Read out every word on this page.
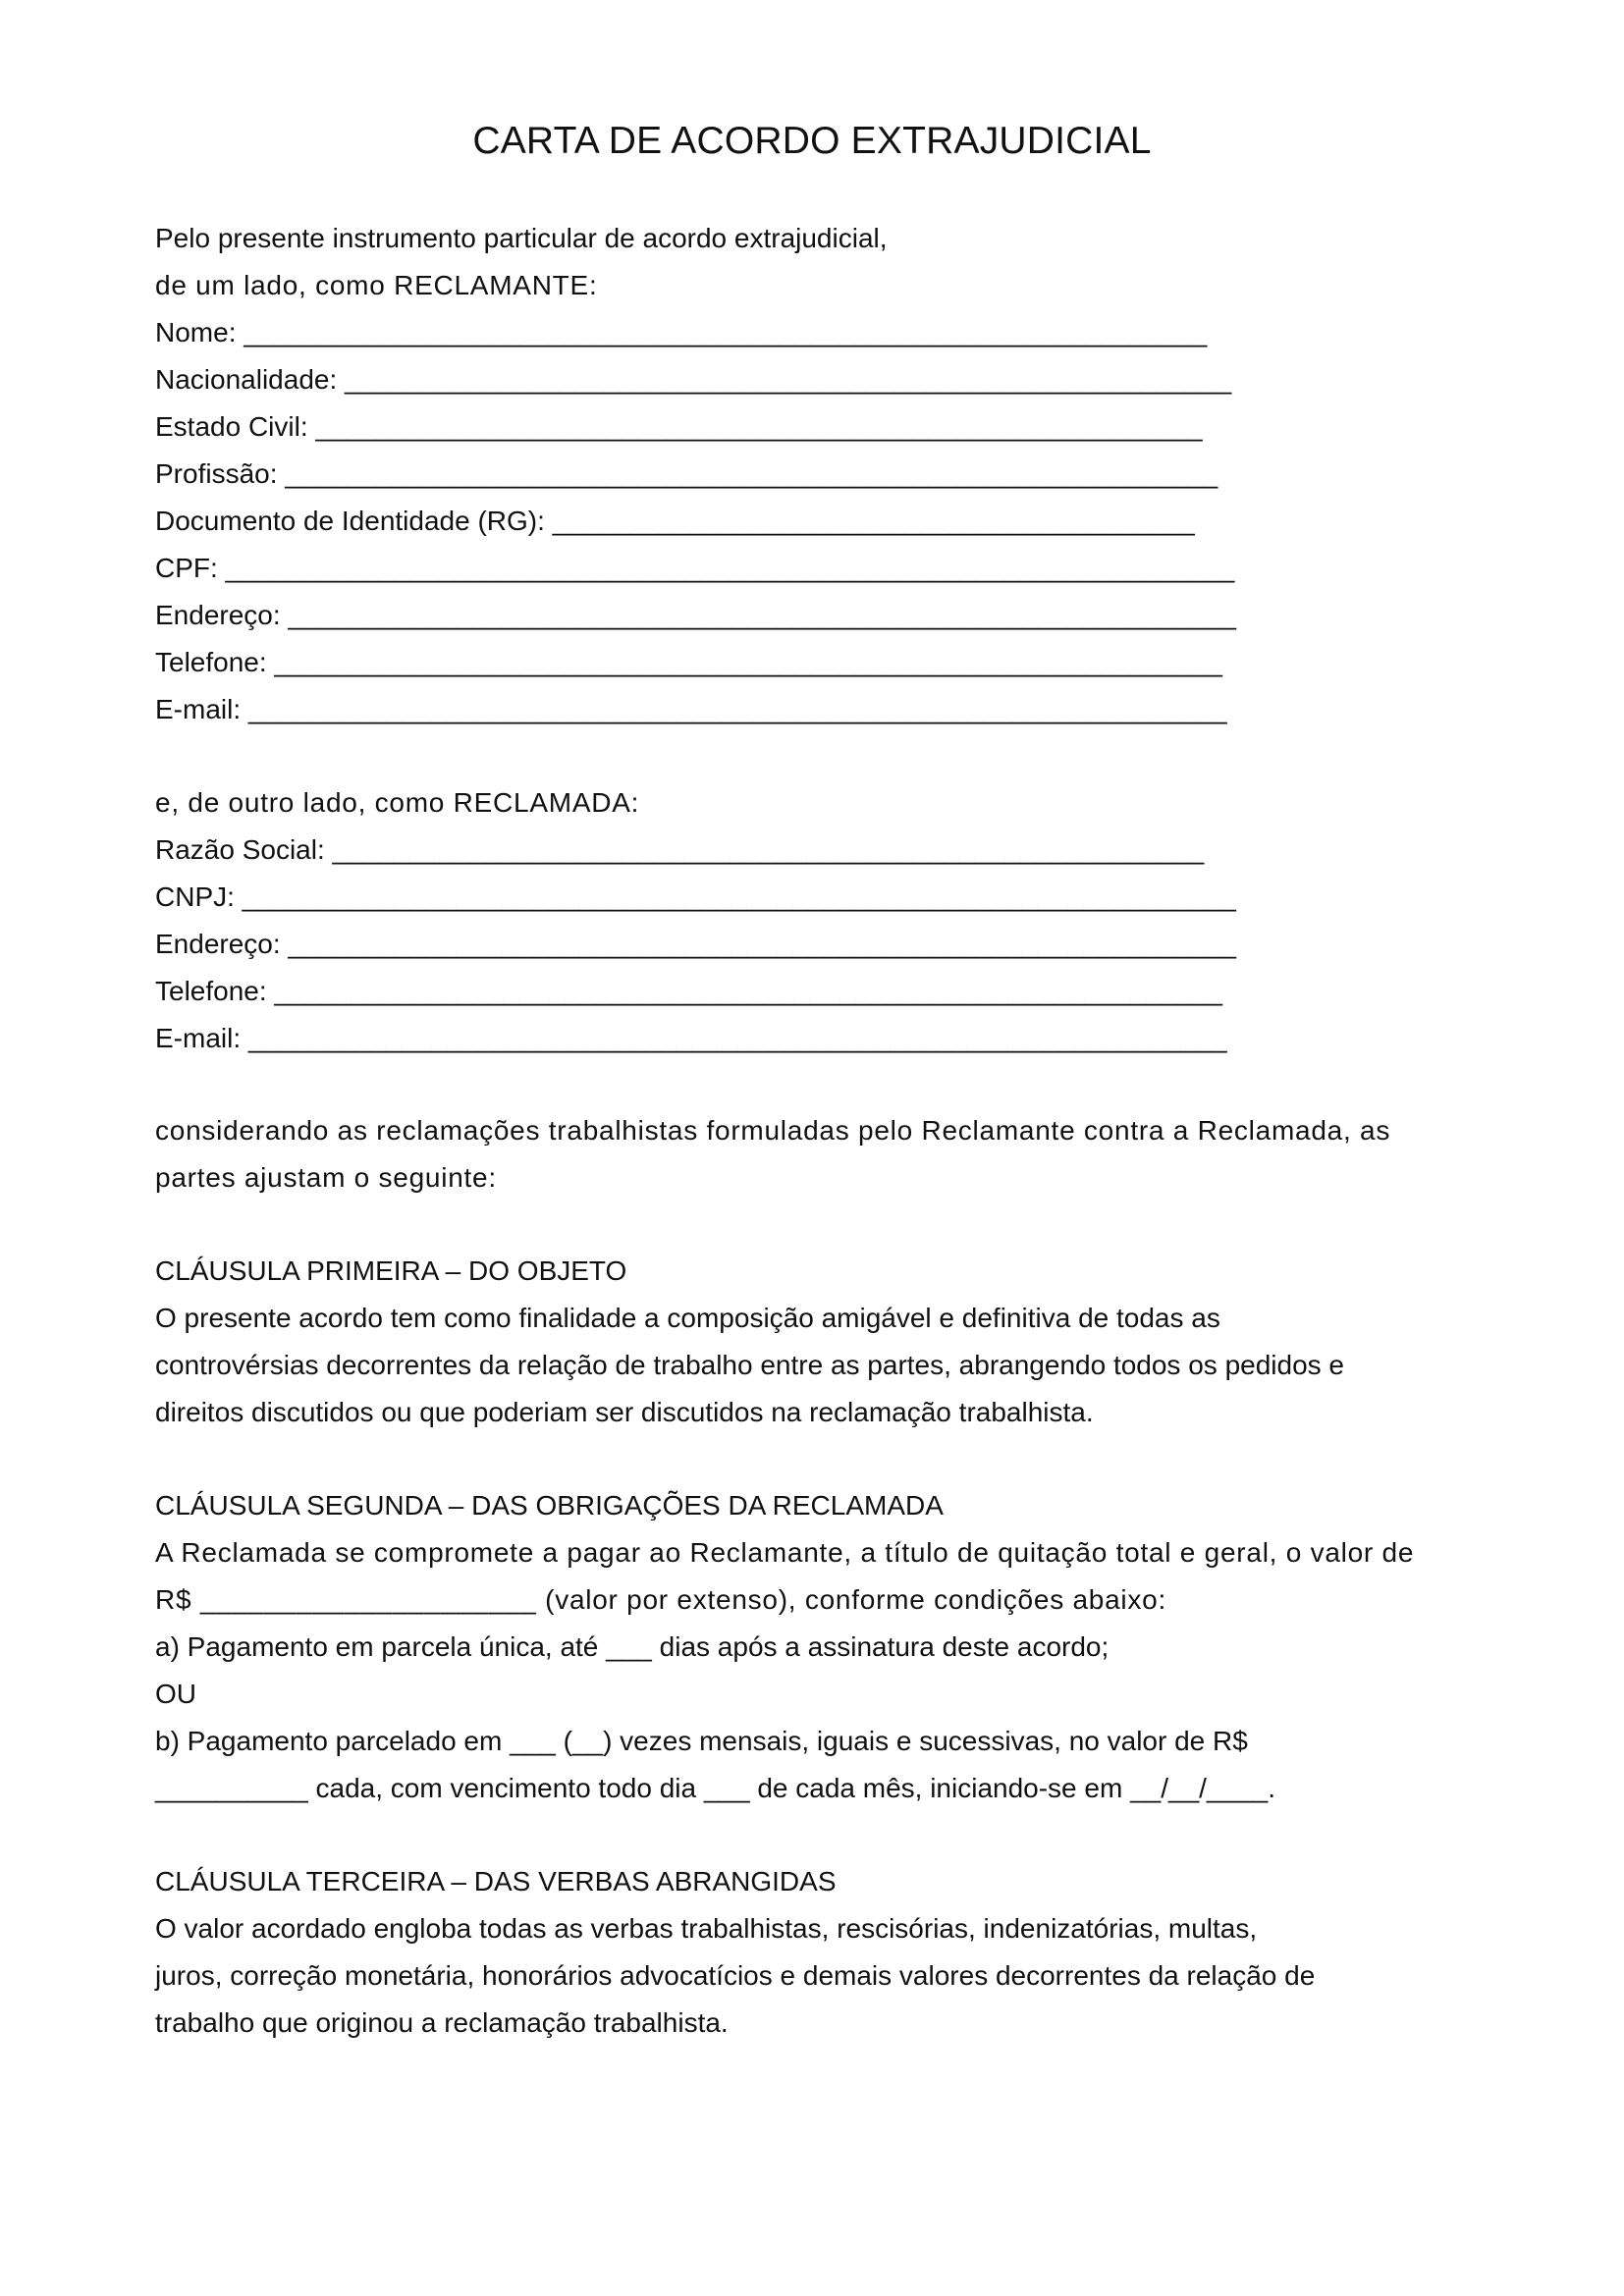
CARTA DE ACORDO EXTRAJUDICIAL
Pelo presente instrumento particular de acordo extrajudicial,
de um lado, como RECLAMANTE:
Nome: _______________________________________________________________
Nacionalidade: __________________________________________________________
Estado Civil: __________________________________________________________
Profissão: _____________________________________________________________
Documento de Identidade (RG): __________________________________________
CPF: __________________________________________________________________
Endereço: ______________________________________________________________
Telefone: ______________________________________________________________
E-mail: ________________________________________________________________
e, de outro lado, como RECLAMADA:
Razão Social: _________________________________________________________
CNPJ: _________________________________________________________________
Endereço: ______________________________________________________________
Telefone: ______________________________________________________________
E-mail: ________________________________________________________________
considerando as reclamações trabalhistas formuladas pelo Reclamante contra a Reclamada, as
partes ajustam o seguinte:
CLÁUSULA PRIMEIRA – DO OBJETO
O presente acordo tem como finalidade a composição amigável e definitiva de todas as
controvérsias decorrentes da relação de trabalho entre as partes, abrangendo todos os pedidos e
direitos discutidos ou que poderiam ser discutidos na reclamação trabalhista.
CLÁUSULA SEGUNDA – DAS OBRIGAÇÕES DA RECLAMADA
A Reclamada se compromete a pagar ao Reclamante, a título de quitação total e geral, o valor de
R$ _____________________ (valor por extenso), conforme condições abaixo:
a) Pagamento em parcela única, até ___ dias após a assinatura deste acordo;
OU
b) Pagamento parcelado em ___ (__) vezes mensais, iguais e sucessivas, no valor de R$
__________ cada, com vencimento todo dia ___ de cada mês, iniciando-se em __/__/____.
CLÁUSULA TERCEIRA – DAS VERBAS ABRANGIDAS
O valor acordado engloba todas as verbas trabalhistas, rescisórias, indenizatórias, multas,
juros, correção monetária, honorários advocatícios e demais valores decorrentes da relação de
trabalho que originou a reclamação trabalhista.
